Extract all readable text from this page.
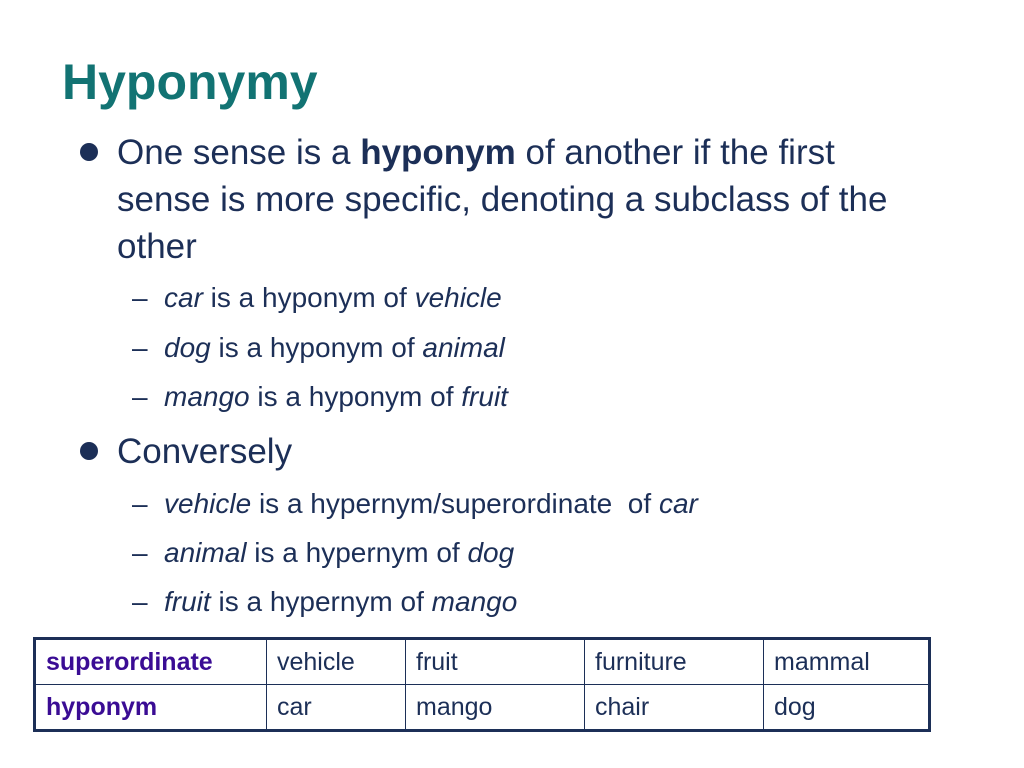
Hyponymy
One sense is a hyponym of another if the first sense is more specific, denoting a subclass of the other
– car is a hyponym of vehicle
– dog is a hyponym of animal
– mango is a hyponym of fruit
Conversely
– vehicle is a hypernym/superordinate  of car
– animal is a hypernym of dog
– fruit is a hypernym of mango
superordinate	vehicle	fruit	furniture	mammal
hyponym	car	mango	chair	dog
